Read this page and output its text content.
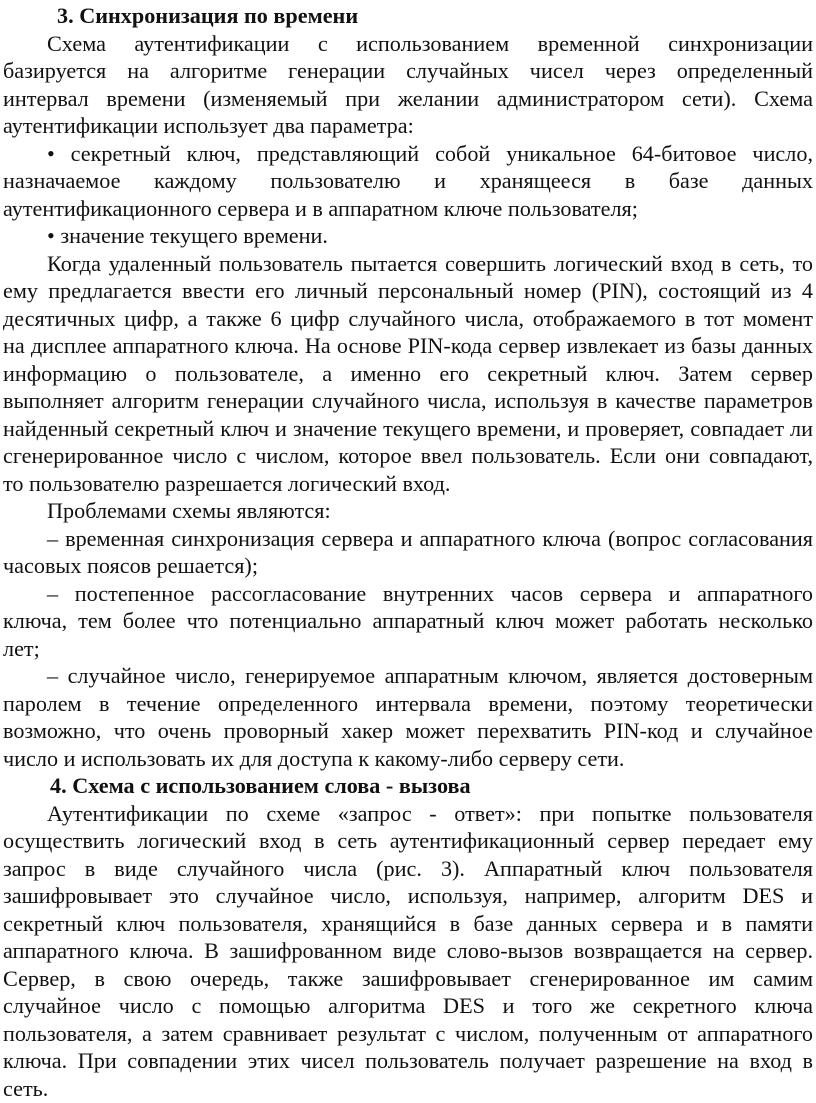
3. Синхронизация по времени
Схема аутентификации с использованием временной синхронизации
базируется на алгоритме генерации случайных чисел через определенный
интервал времени (изменяемый при желании администратором сети). Схема
аутентификации использует два параметра:
• секретный ключ, представляющий собой уникальное 64-битовое число,
назначаемое каждому пользователю и хранящееся в базе данных
аутентификационного сервера и в аппаратном ключе пользователя;
• значение текущего времени.
Когда удаленный пользователь пытается совершить логический вход в сеть, то
ему предлагается ввести его личный персональный номер (PIN), состоящий из 4
десятичных цифр, а также 6 цифр случайного числа, отображаемого в тот момент
на дисплее аппаратного ключа. На основе PIN-кода сервер извлекает из базы данных
информацию о пользователе, а именно его секретный ключ. Затем сервер
выполняет алгоритм генерации случайного числа, используя в качестве параметров
найденный секретный ключ и значение текущего времени, и проверяет, совпадает ли
сгенерированное число с числом, которое ввел пользователь. Если они совпадают,
то пользователю разрешается логический вход.
Проблемами схемы являются:
– временная синхронизация сервера и аппаратного ключа (вопрос согласования
часовых поясов решается);
– постепенное рассогласование внутренних часов сервера и аппаратного
ключа, тем более что потенциально аппаратный ключ может работать несколько
лет;
– случайное число, генерируемое аппаратным ключом, является достоверным
паролем в течение определенного интервала времени, поэтому теоретически
возможно, что очень проворный хакер может перехватить PIN-код и случайное
число и использовать их для доступа к какому-либо серверу сети.
4. Схема с использованием слова - вызова
Аутентификации по схеме «запрос - ответ»: при попытке пользователя
осуществить логический вход в сеть аутентификационный сервер передает ему
запрос в виде случайного числа (рис. 3). Аппаратный ключ пользователя
зашифровывает это случайное число, используя, например, алгоритм DES и
секретный ключ пользователя, хранящийся в базе данных сервера и в памяти
аппаратного ключа. В зашифрованном виде слово-вызов возвращается на сервер.
Сервер, в свою очередь, также зашифровывает сгенерированное им самим
случайное число с помощью алгоритма DES и того же секретного ключа
пользователя, а затем сравнивает результат с числом, полученным от аппаратного
ключа. При совпадении этих чисел пользователь получает разрешение на вход в
сеть.
